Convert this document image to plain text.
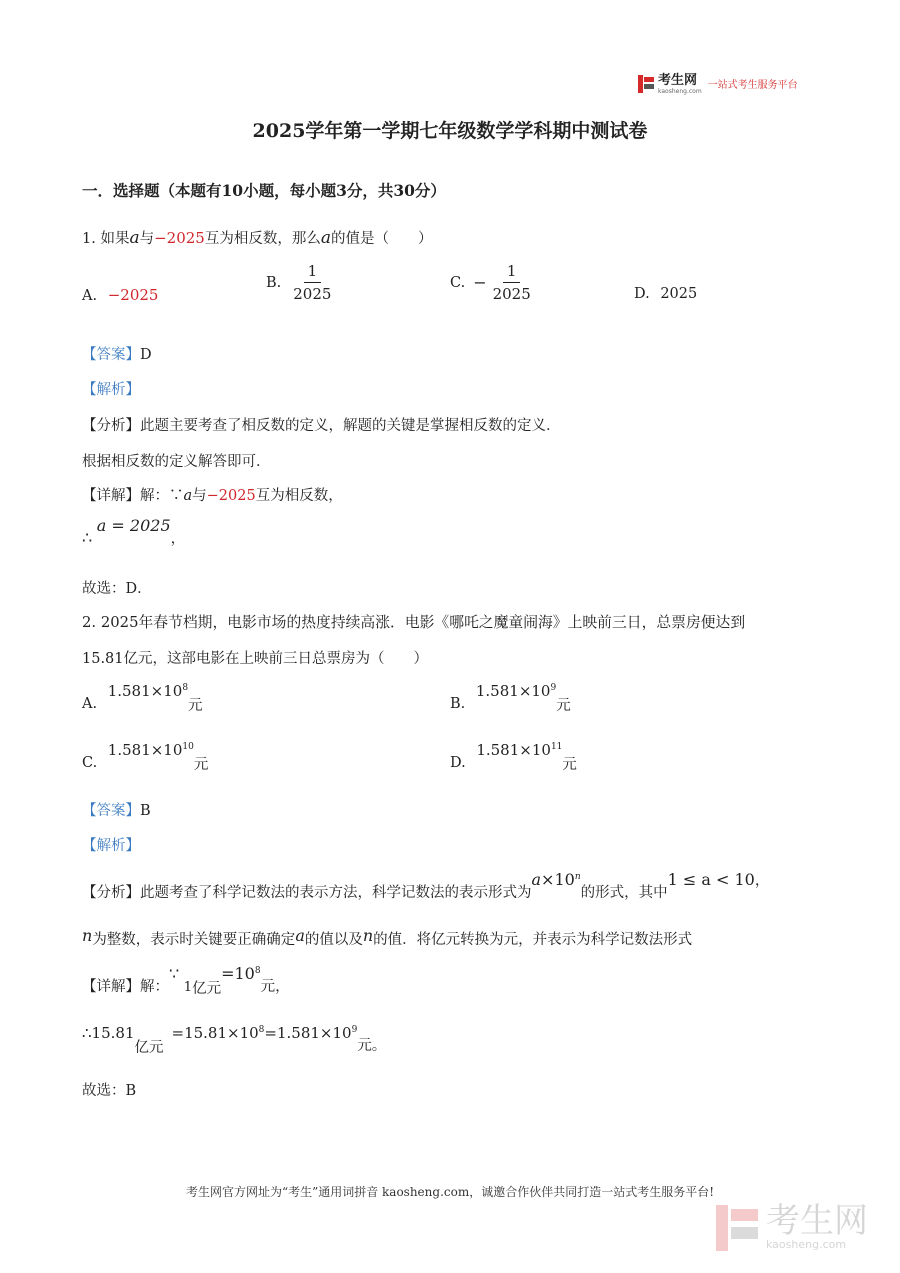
考生网
kaosheng.com
一站式考生服务平台
2025学年第一学期七年级数学学科期中测试卷
一．选择题（本题有10小题，每小题3分，共30分）
1. 如果a与−2025互为相反数，那么a的值是（　　）
A. −2025
B. $\frac{1}{2025}$	C. − $\frac{1}{2025}$	D. 2025
【答案】D
【解析】
【分析】此题主要考查了相反数的定义，解题的关键是掌握相反数的定义．
根据相反数的定义解答即可．
【详解】解：∵a与−2025互为相反数，
∴ a = 2025，
故选：D．
2. 2025年春节档期，电影市场的热度持续高涨．电影《哪吒之魔童闹海》上映前三日，总票房便达到
15.81亿元，这部电影在上映前三日总票房为（　　）
A. $1.581\times 10^8$元	B. $1.581\times 10^9$元
C. $1.581\times 10^{10}$元	D. $1.581\times 10^{11}$元
【答案】B
【解析】
【分析】此题考查了科学记数法的表示方法，科学记数法的表示形式为$a\times 10^n$的形式，其中1 ≤ a < 10，
n为整数，表示时关键要正确确定a的值以及n的值．将亿元转换为元，并表示为科学记数法形式
【详解】解：∵ 1亿元$=10^8$元，
∴15.81亿元$=15.81\times 10^8=1.581\times 10^9$元。
故选：B
考生网官方网址为“考生”通用词拼音 kaosheng.com，诚邀合作伙伴共同打造一站式考生服务平台!
考生网
kaosheng.com
